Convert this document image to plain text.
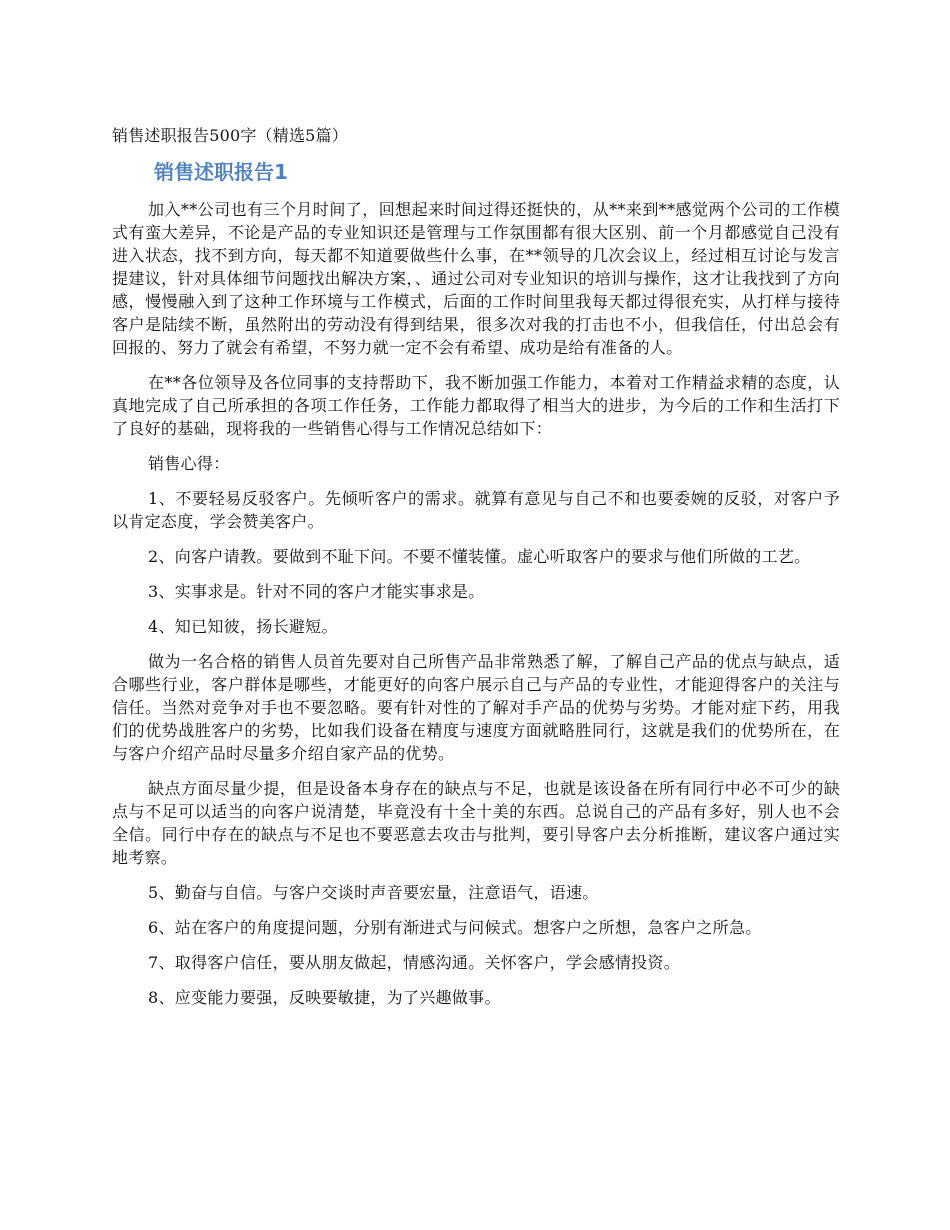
销售述职报告500字（精选5篇）
销售述职报告1

加入**公司也有三个月时间了，回想起来时间过得还挺快的，从**来到**感觉两个公司的工作模式有蛮大差异，不论是产品的专业知识还是管理与工作氛围都有很大区别、前一个月都感觉自己没有进入状态，找不到方向，每天都不知道要做些什么事，在**领导的几次会议上，经过相互讨论与发言提建议，针对具体细节问题找出解决方案，、通过公司对专业知识的培训与操作，这才让我找到了方向感，慢慢融入到了这种工作环境与工作模式，后面的工作时间里我每天都过得很充实，从打样与接待客户是陆续不断，虽然附出的劳动没有得到结果，很多次对我的打击也不小，但我信任，付出总会有回报的、努力了就会有希望，不努力就一定不会有希望、成功是给有准备的人。

在**各位领导及各位同事的支持帮助下，我不断加强工作能力，本着对工作精益求精的态度，认真地完成了自己所承担的各项工作任务，工作能力都取得了相当大的进步，为今后的工作和生活打下了良好的基础，现将我的一些销售心得与工作情况总结如下：

销售心得：

1、不要轻易反驳客户。先倾听客户的需求。就算有意见与自己不和也要委婉的反驳，对客户予以肯定态度，学会赞美客户。

2、向客户请教。要做到不耻下问。不要不懂装懂。虚心听取客户的要求与他们所做的工艺。

3、实事求是。针对不同的客户才能实事求是。

4、知已知彼，扬长避短。

做为一名合格的销售人员首先要对自己所售产品非常熟悉了解，了解自己产品的优点与缺点，适合哪些行业，客户群体是哪些，才能更好的向客户展示自己与产品的专业性，才能迎得客户的关注与信任。当然对竞争对手也不要忽略。要有针对性的了解对手产品的优势与劣势。才能对症下药，用我们的优势战胜客户的劣势，比如我们设备在精度与速度方面就略胜同行，这就是我们的优势所在，在与客户介绍产品时尽量多介绍自家产品的优势。

缺点方面尽量少提，但是设备本身存在的缺点与不足，也就是该设备在所有同行中必不可少的缺点与不足可以适当的向客户说清楚，毕竟没有十全十美的东西。总说自己的产品有多好，别人也不会全信。同行中存在的缺点与不足也不要恶意去攻击与批判，要引导客户去分析推断，建议客户通过实地考察。

5、勤奋与自信。与客户交谈时声音要宏量，注意语气，语速。

6、站在客户的角度提问题，分别有渐进式与问候式。想客户之所想，急客户之所急。

7、取得客户信任，要从朋友做起，情感沟通。关怀客户，学会感情投资。

8、应变能力要强，反映要敏捷，为了兴趣做事。
